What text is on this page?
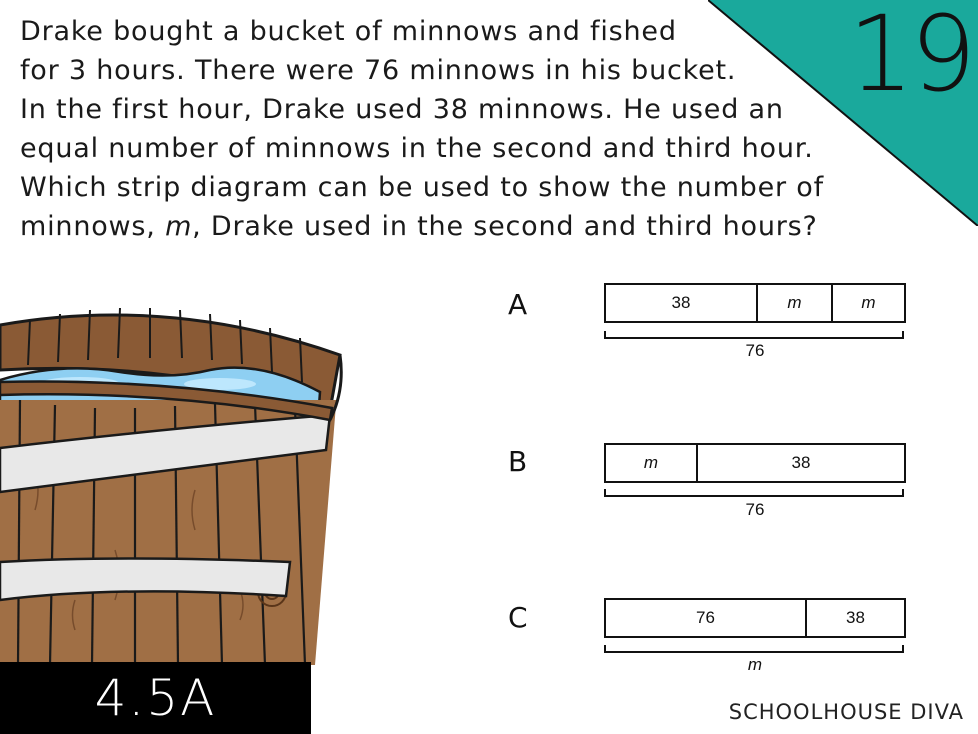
19

Drake bought a bucket of minnows and fished
for 3 hours. There were 76 minnows in his bucket.
In the first hour, Drake used 38 minnows. He used an
equal number of minnows in the second and third hour.
Which strip diagram can be used to show the number of
minnows, m, Drake used in the second and third hours?

4.5A	SCHOOLHOUSE DIVA
A	38	m	m
76
B	m	38
76
C	76	38
m
